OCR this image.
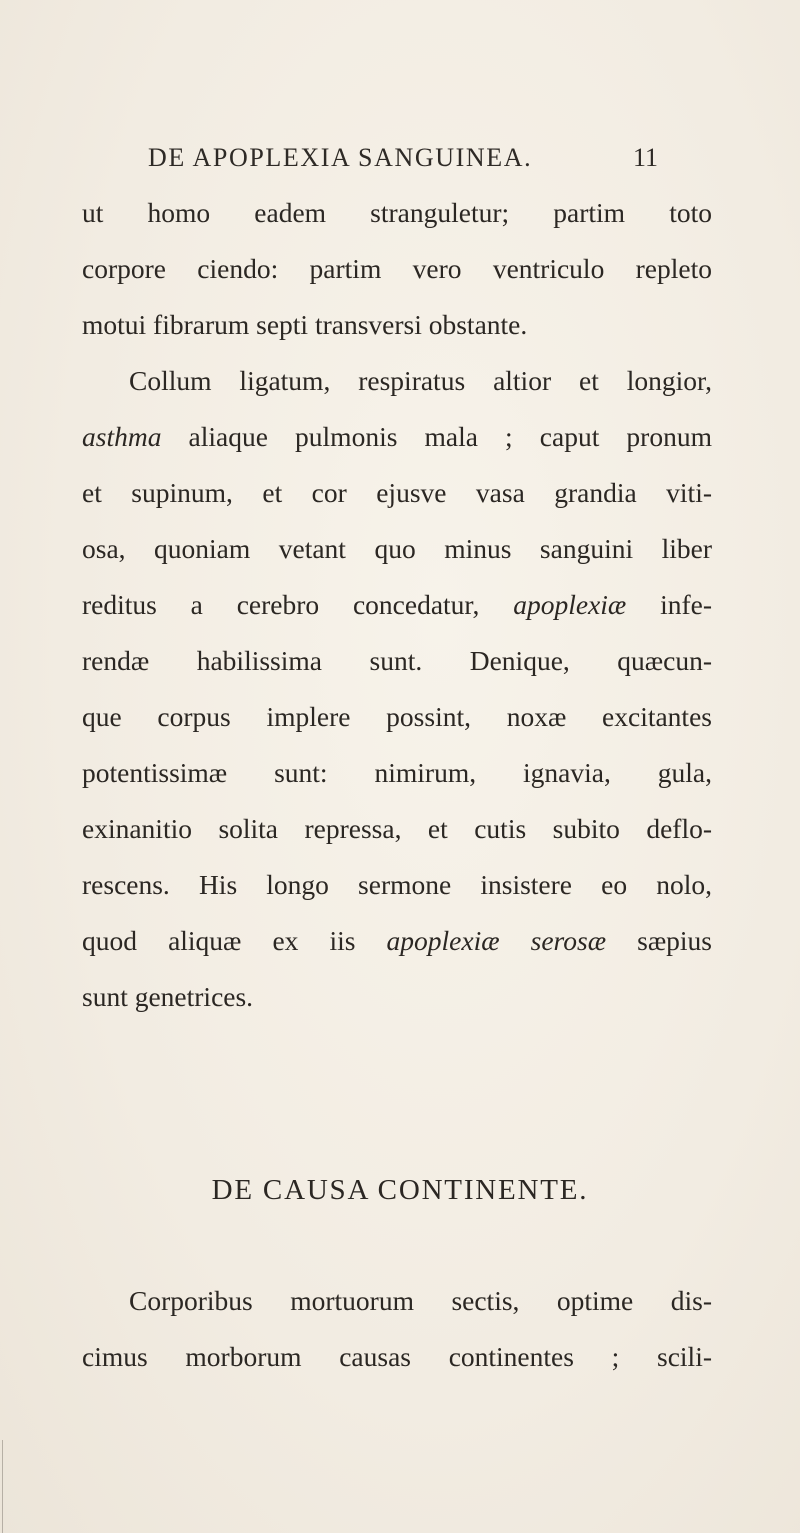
DE APOPLEXIA SANGUINEA.	11
ut homo eadem stranguletur; partim toto
corpore ciendo: partim vero ventriculo repleto
motui fibrarum septi transversi obstante.
Collum ligatum, respiratus altior et longior,
asthma aliaque pulmonis mala ; caput pronum
et supinum, et cor ejusve vasa grandia viti-
osa, quoniam vetant quo minus sanguini liber
reditus a cerebro concedatur, apoplexiæ infe-
rendæ habilissima sunt. Denique, quæcun-
que corpus implere possint, noxæ excitantes
potentissimæ sunt: nimirum, ignavia, gula,
exinanitio solita repressa, et cutis subito deflo-
rescens. His longo sermone insistere eo nolo,
quod aliquæ ex iis apoplexiæ serosæ sæpius
sunt genetrices.
DE CAUSA CONTINENTE.
Corporibus mortuorum sectis, optime dis-
cimus morborum causas continentes ; scili-
